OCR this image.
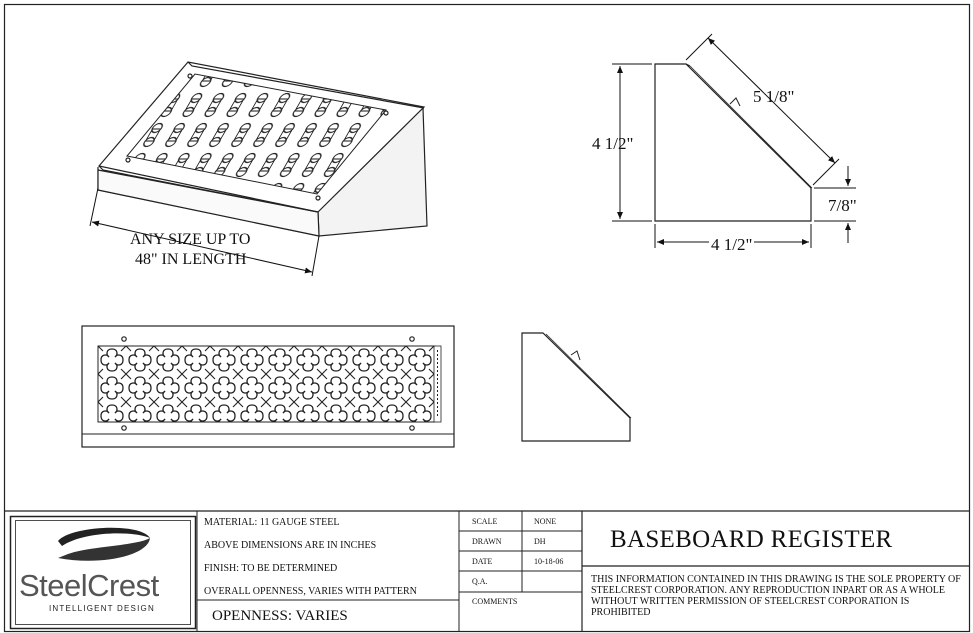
ANY SIZE UP TO
48" IN LENGTH
4 1/2"
5 1/8"
4 1/2"
7/8"
SteelCrest
INTELLIGENT DESIGN
MATERIAL: 11 GAUGE STEEL
ABOVE DIMENSIONS ARE IN INCHES
FINISH: TO BE DETERMINED
OVERALL OPENNESS, VARIES WITH PATTERN
OPENNESS: VARIES
SCALE	NONE
DRAWN	DH
DATE	10-18-06
Q.A.
COMMENTS
BASEBOARD REGISTER
THIS INFORMATION CONTAINED IN THIS DRAWING IS THE SOLE PROPERTY OF STEELCREST CORPORATION. ANY REPRODUCTION INPART OR AS A WHOLE WITHOUT WRITTEN PERMISSION OF STEELCREST CORPORATION IS PROHIBITED
